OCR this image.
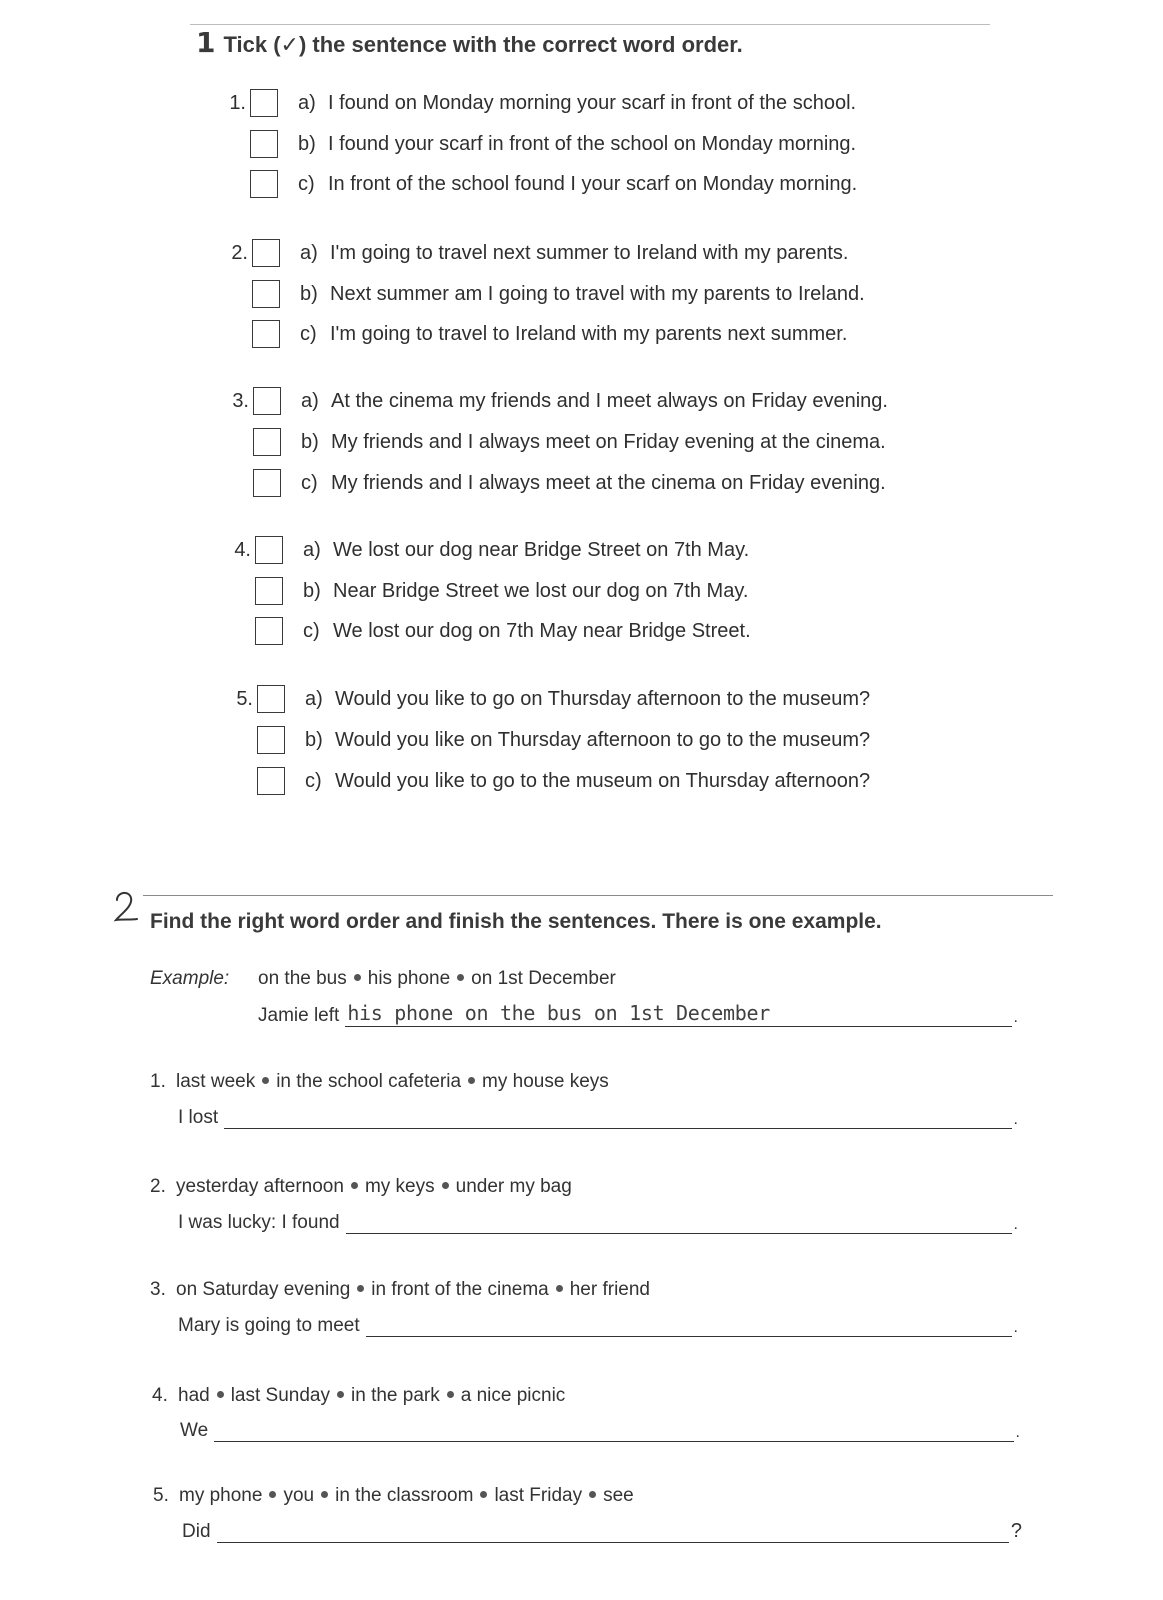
1 Tick (✓) the sentence with the correct word order.
1.	a) I found on Monday morning your scarf in front of the school.
b) I found your scarf in front of the school on Monday morning.
c) In front of the school found I your scarf on Monday morning.
2.	a) I'm going to travel next summer to Ireland with my parents.
b) Next summer am I going to travel with my parents to Ireland.
c) I'm going to travel to Ireland with my parents next summer.
3.	a) At the cinema my friends and I meet always on Friday evening.
b) My friends and I always meet on Friday evening at the cinema.
c) My friends and I always meet at the cinema on Friday evening.
4.	a) We lost our dog near Bridge Street on 7th May.
b) Near Bridge Street we lost our dog on 7th May.
c) We lost our dog on 7th May near Bridge Street.
5.	a) Would you like to go on Thursday afternoon to the museum?
b) Would you like on Thursday afternoon to go to the museum?
c) Would you like to go to the museum on Thursday afternoon?
Find the right word order and finish the sentences. There is one example.
Example: on the bus his phone on 1st December
Jamie left his phone on the bus on 1st December	.
1. last week in the school cafeteria my house keys
I lost	.
2. yesterday afternoon my keys under my bag
I was lucky: I found	.
3. on Saturday evening in front of the cinema her friend
Mary is going to meet	.
4. had last Sunday in the park a nice picnic
We	.
5. my phone you in the classroom last Friday see
Did	?
